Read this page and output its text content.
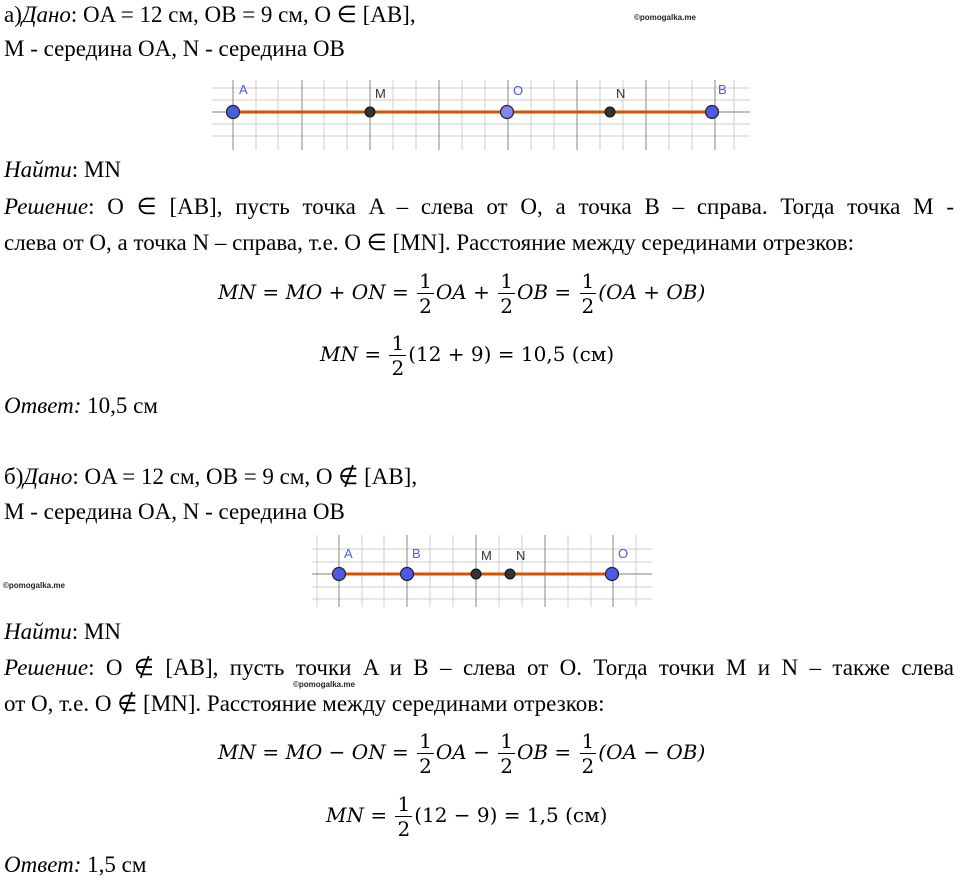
а)Дано: OA = 12 см, OB = 9 см, O ∈ [AB],	©pomogalka.me
M - середина OA, N - середина OB
A	M	O	N	B
Найти: MN
Решение: O ∈ [AB], пусть точка A – слева от O, а точка B – справа. Тогда точка M -
слева от O, а точка N – справа, т.е. O ∈ [MN]. Расстояние между серединами отрезков:
MN = MO + ON = $\frac{1}{2}$ OA + $\frac{1}{2}$ OB = $\frac{1}{2} (OA + OB)$
MN = $\frac{1}{2} (12 + 9) = 10,5$ (см)
Ответ: 10,5 см
б)Дано: OA = 12 см, OB = 9 см, O ∉ [AB],
M - середина OA, N - середина OB
A	B	M N	O
©pomogalka.me
Найти: MN
Решение: O ∉ [AB], пусть точки A и B – слева от O. Тогда точки M и N – также слева
©pomogalka.me
от O, т.е. O ∉ [MN]. Расстояние между серединами отрезков:
MN = MO − ON = $\frac{1}{2}$ OA − $\frac{1}{2}$ OB = $\frac{1}{2} (OA - OB)$
MN = $\frac{1}{2} (12 - 9) = 1,5$ (см)
Ответ: 1,5 см
